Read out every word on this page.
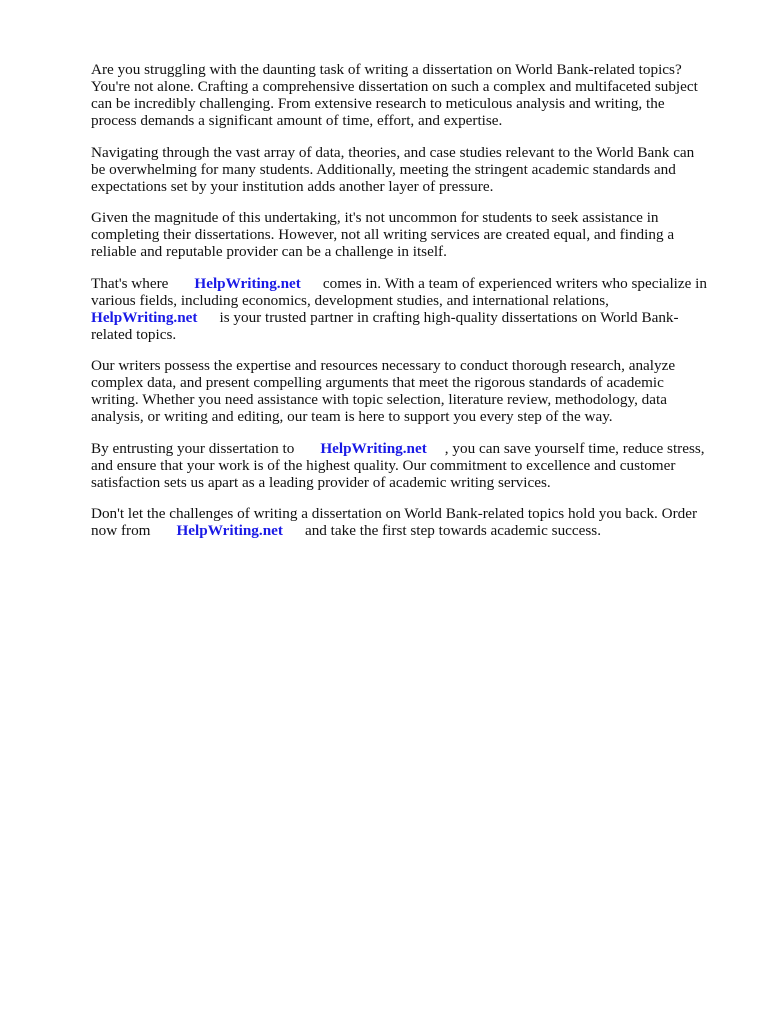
Are you struggling with the daunting task of writing a dissertation on World Bank-related topics?
You're not alone. Crafting a comprehensive dissertation on such a complex and multifaceted subject
can be incredibly challenging. From extensive research to meticulous analysis and writing, the
process demands a significant amount of time, effort, and expertise.

Navigating through the vast array of data, theories, and case studies relevant to the World Bank can
be overwhelming for many students. Additionally, meeting the stringent academic standards and
expectations set by your institution adds another layer of pressure.

Given the magnitude of this undertaking, it's not uncommon for students to seek assistance in
completing their dissertations. However, not all writing services are created equal, and finding a
reliable and reputable provider can be a challenge in itself.

That's where HelpWriting.net comes in. With a team of experienced writers who specialize in
various fields, including economics, development studies, and international relations,
HelpWriting.net is your trusted partner in crafting high-quality dissertations on World Bank-
related topics.

Our writers possess the expertise and resources necessary to conduct thorough research, analyze
complex data, and present compelling arguments that meet the rigorous standards of academic
writing. Whether you need assistance with topic selection, literature review, methodology, data
analysis, or writing and editing, our team is here to support you every step of the way.

By entrusting your dissertation to HelpWriting.net , you can save yourself time, reduce stress,
and ensure that your work is of the highest quality. Our commitment to excellence and customer
satisfaction sets us apart as a leading provider of academic writing services.

Don't let the challenges of writing a dissertation on World Bank-related topics hold you back. Order
now from HelpWriting.net and take the first step towards academic success.
